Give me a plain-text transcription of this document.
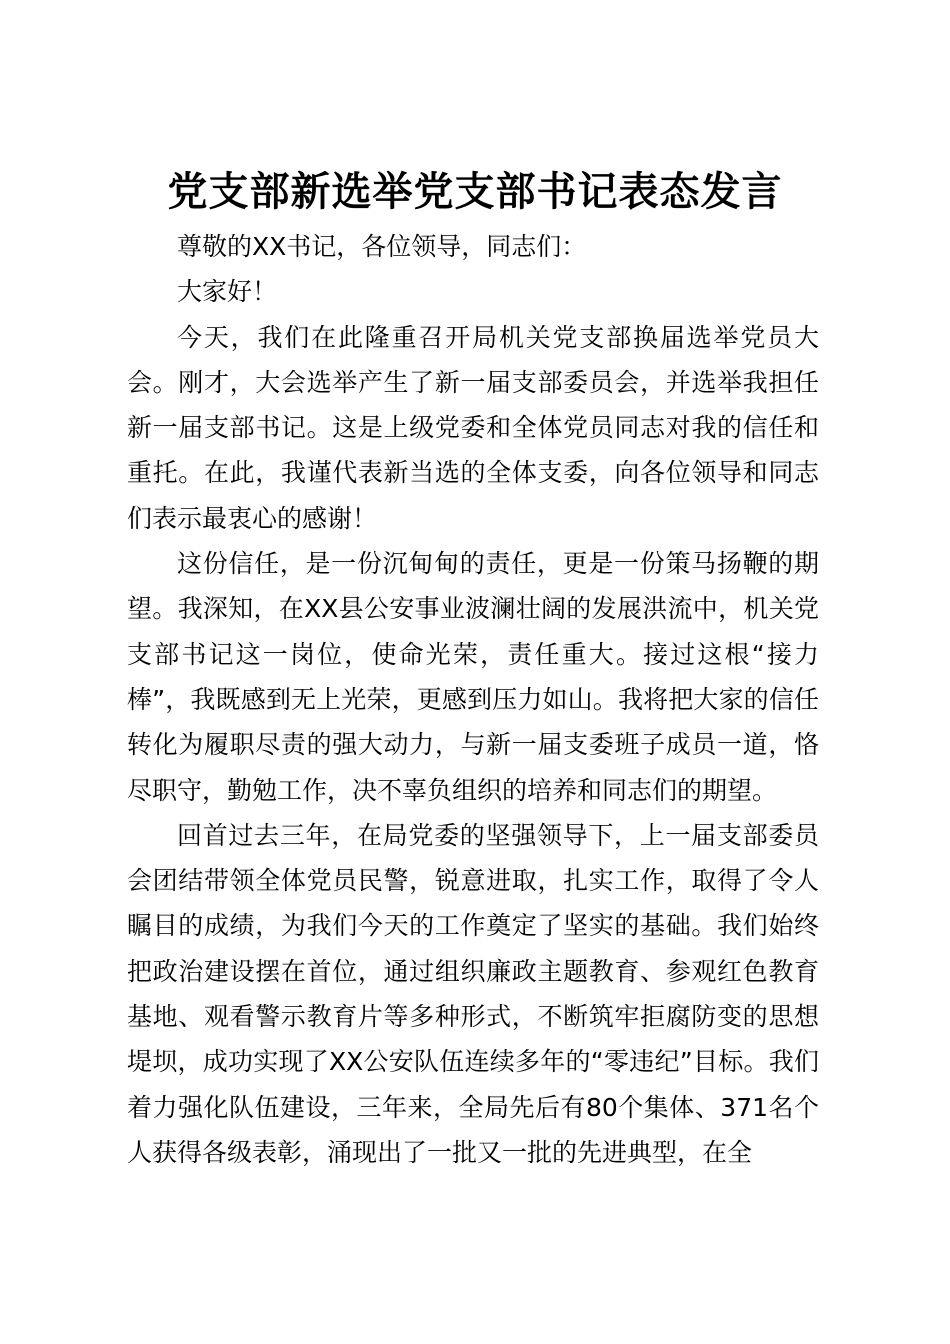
党支部新选举党支部书记表态发言

尊敬的XX书记，各位领导，同志们：

大家好！

今天，我们在此隆重召开局机关党支部换届选举党员大会。刚才，大会选举产生了新一届支部委员会，并选举我担任新一届支部书记。这是上级党委和全体党员同志对我的信任和重托。在此，我谨代表新当选的全体支委，向各位领导和同志们表示最衷心的感谢！

这份信任，是一份沉甸甸的责任，更是一份策马扬鞭的期望。我深知，在XX县公安事业波澜壮阔的发展洪流中，机关党支部书记这一岗位，使命光荣，责任重大。接过这根“接力棒”，我既感到无上光荣，更感到压力如山。我将把大家的信任转化为履职尽责的强大动力，与新一届支委班子成员一道，恪尽职守，勤勉工作，决不辜负组织的培养和同志们的期望。

回首过去三年，在局党委的坚强领导下，上一届支部委员会团结带领全体党员民警，锐意进取，扎实工作，取得了令人瞩目的成绩，为我们今天的工作奠定了坚实的基础。我们始终把政治建设摆在首位，通过组织廉政主题教育、参观红色教育基地、观看警示教育片等多种形式，不断筑牢拒腐防变的思想堤坝，成功实现了XX公安队伍连续多年的“零违纪”目标。我们着力强化队伍建设，三年来，全局先后有80个集体、371名个人获得各级表彰，涌现出了一批又一批的先进典型，在全
